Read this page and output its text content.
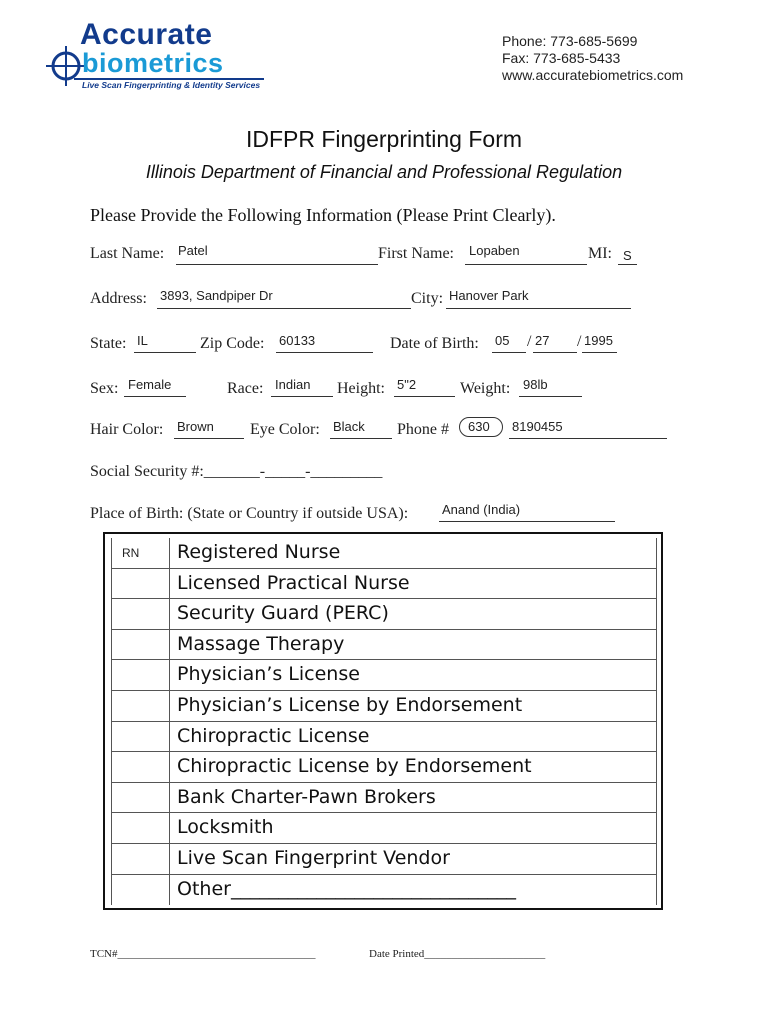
Accurate
biometrics
Live Scan Fingerprinting & Identity Services
Phone: 773-685-5699
Fax: 773-685-5433
www.accuratebiometrics.com
IDFPR Fingerprinting Form
Illinois Department of Financial and Professional Regulation
Please Provide the Following Information (Please Print Clearly).
Last Name: Patel	First Name: Lopaben	MI: S
Address: 3893, Sandpiper Dr	City: Hanover Park
State: IL	Zip Code: 60133	Date of Birth: 05 / 27 / 1995
Sex: Female	Race: Indian Height: 5"2	Weight: 98lb
Hair Color: Brown Eye Color: Black Phone # 630 8190455
Social Security #:_______-_____-_________
Place of Birth: (State or Country if outside USA):	Anand (India)
RN Registered Nurse
Licensed Practical Nurse
Security Guard (PERC)
Massage Therapy
Physician’s License
Physician’s License by Endorsement
Chiropractic License
Chiropractic License by Endorsement
Bank Charter-Pawn Brokers
Locksmith
Live Scan Fingerprint Vendor
Other______________________________
TCN#____________________________________	Date Printed______________________
